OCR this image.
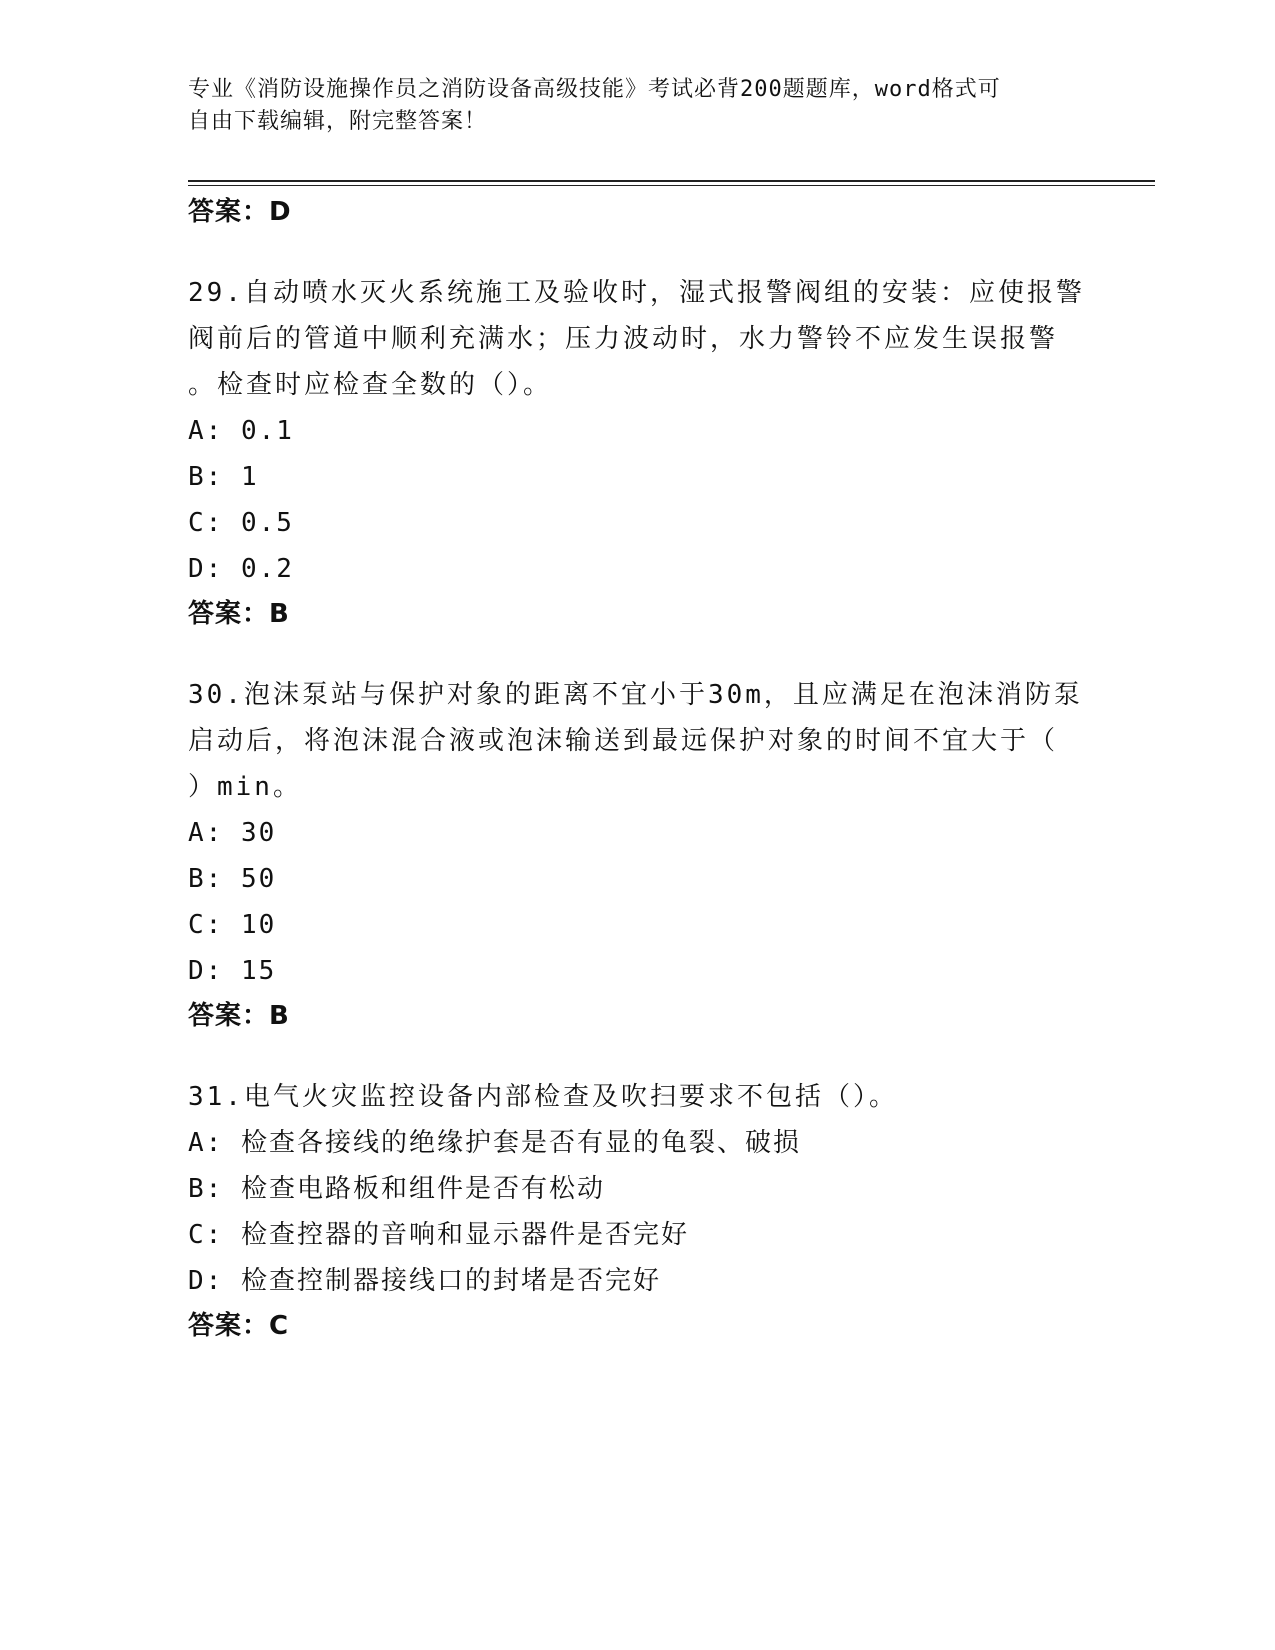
专业《消防设施操作员之消防设备高级技能》考试必背200题题库，word格式可
自由下载编辑，附完整答案！
答案：D
29.自动喷水灭火系统施工及验收时，湿式报警阀组的安装：应使报警
阀前后的管道中顺利充满水；压力波动时，水力警铃不应发生误报警
。检查时应检查全数的（）。
A: 0.1
B: 1
C: 0.5
D: 0.2
答案：B
30.泡沫泵站与保护对象的距离不宜小于30m，且应满足在泡沫消防泵
启动后，将泡沫混合液或泡沫输送到最远保护对象的时间不宜大于（
）min。
A: 30
B: 50
C: 10
D: 15
答案：B
31.电气火灾监控设备内部检查及吹扫要求不包括（）。
A: 检查各接线的绝缘护套是否有显的龟裂、破损
B: 检查电路板和组件是否有松动
C: 检查控器的音响和显示器件是否完好
D: 检查控制器接线口的封堵是否完好
答案：C
